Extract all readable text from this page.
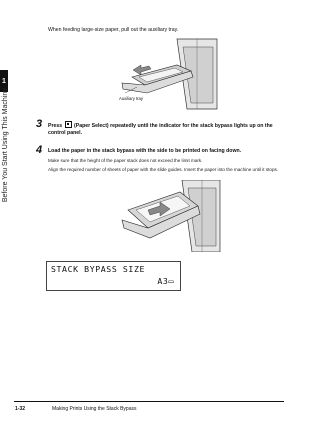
1
Before You Start Using This Machine
When feeding large-size paper, pull out the auxiliary tray.
Auxiliary tray
3 Press (Paper Select) repeatedly until the indicator for the stack bypass lights up on the control panel.
4 Load the paper in the stack bypass with the side to be printed on facing down.
Make sure that the height of the paper stack does not exceed the limit mark.
Align the required number of sheets of paper with the slide guides. Insert the paper into the machine until it stops.
STACK BYPASS SIZE
A3▭
1-32	Making Prints Using the Stack Bypass
